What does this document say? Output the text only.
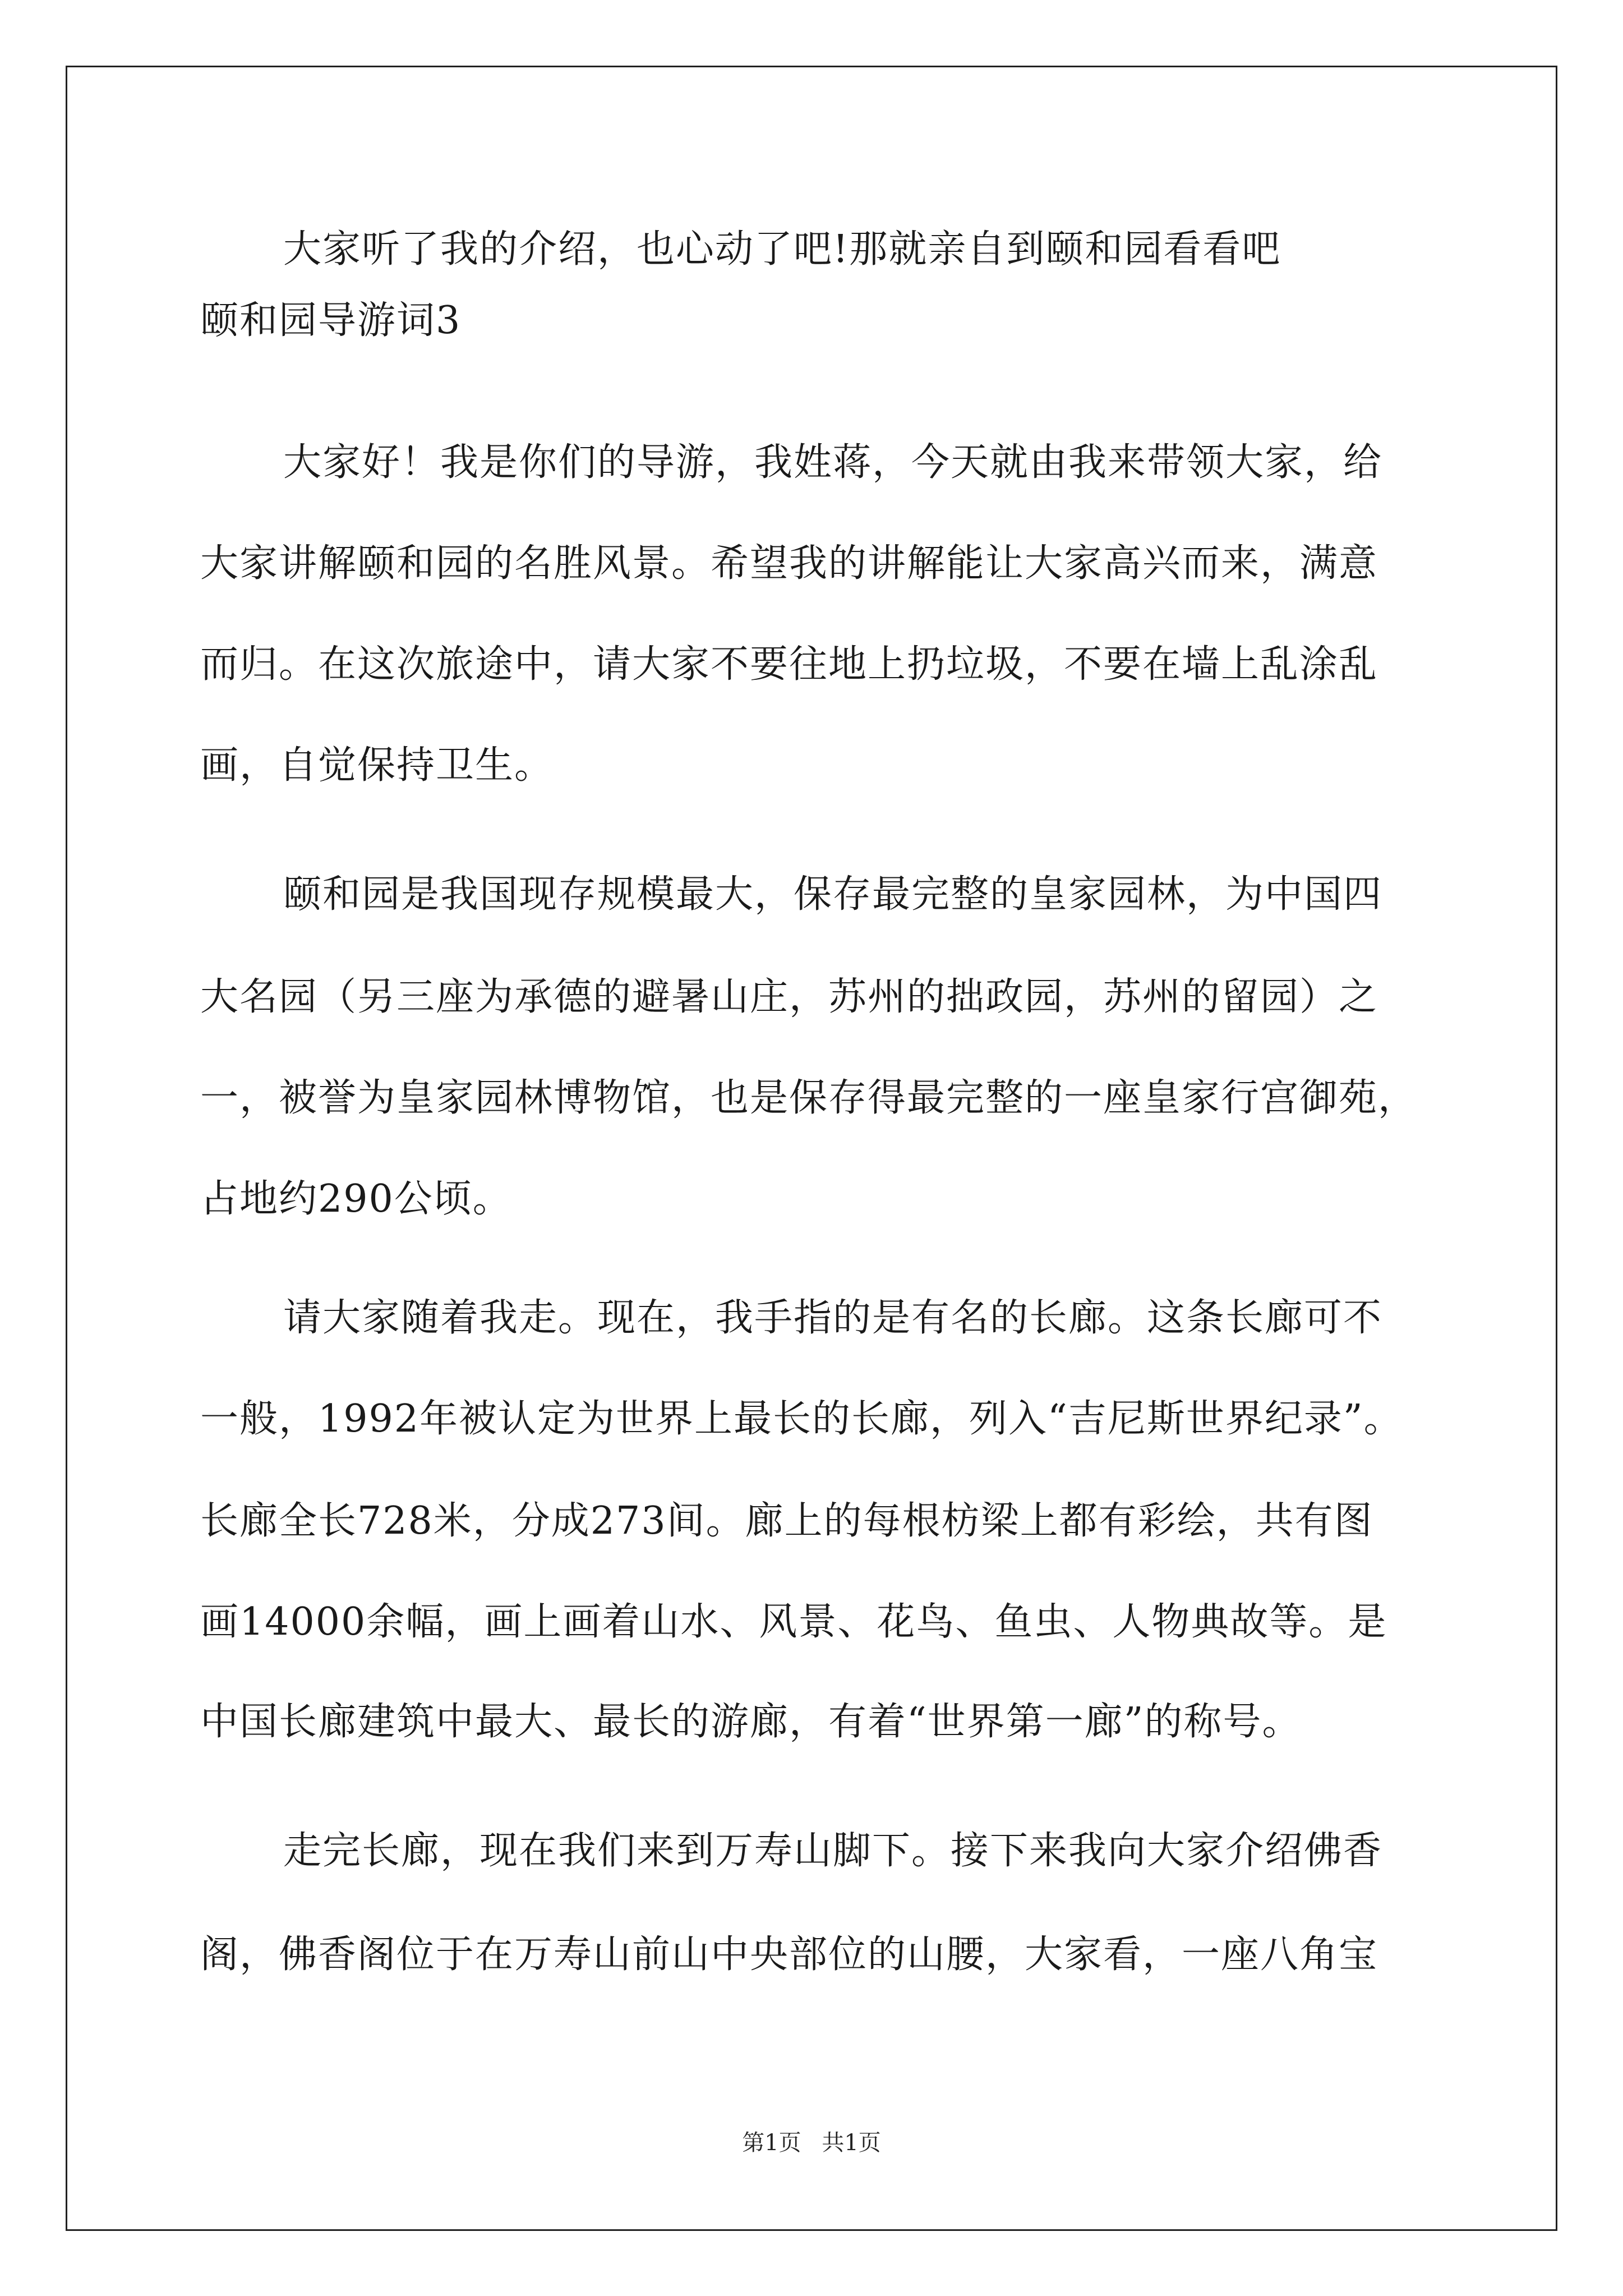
大家听了我的介绍，也心动了吧!那就亲自到颐和园看看吧
颐和园导游词3
大家好！我是你们的导游，我姓蒋，今天就由我来带领大家，给
大家讲解颐和园的名胜风景。希望我的讲解能让大家高兴而来，满意
而归。在这次旅途中，请大家不要往地上扔垃圾，不要在墙上乱涂乱
画，自觉保持卫生。
颐和园是我国现存规模最大，保存最完整的皇家园林，为中国四
大名园（另三座为承德的避暑山庄，苏州的拙政园，苏州的留园）之
一，被誉为皇家园林博物馆，也是保存得最完整的一座皇家行宫御苑，
占地约290公顷。
请大家随着我走。现在，我手指的是有名的长廊。这条长廊可不
一般，1992年被认定为世界上最长的长廊，列入“吉尼斯世界纪录”。
长廊全长728米，分成273间。廊上的每根枋梁上都有彩绘，共有图
画14000余幅，画上画着山水、风景、花鸟、鱼虫、人物典故等。是
中国长廊建筑中最大、最长的游廊，有着“世界第一廊”的称号。
走完长廊，现在我们来到万寿山脚下。接下来我向大家介绍佛香
阁，佛香阁位于在万寿山前山中央部位的山腰，大家看，一座八角宝
第1页 共1页
